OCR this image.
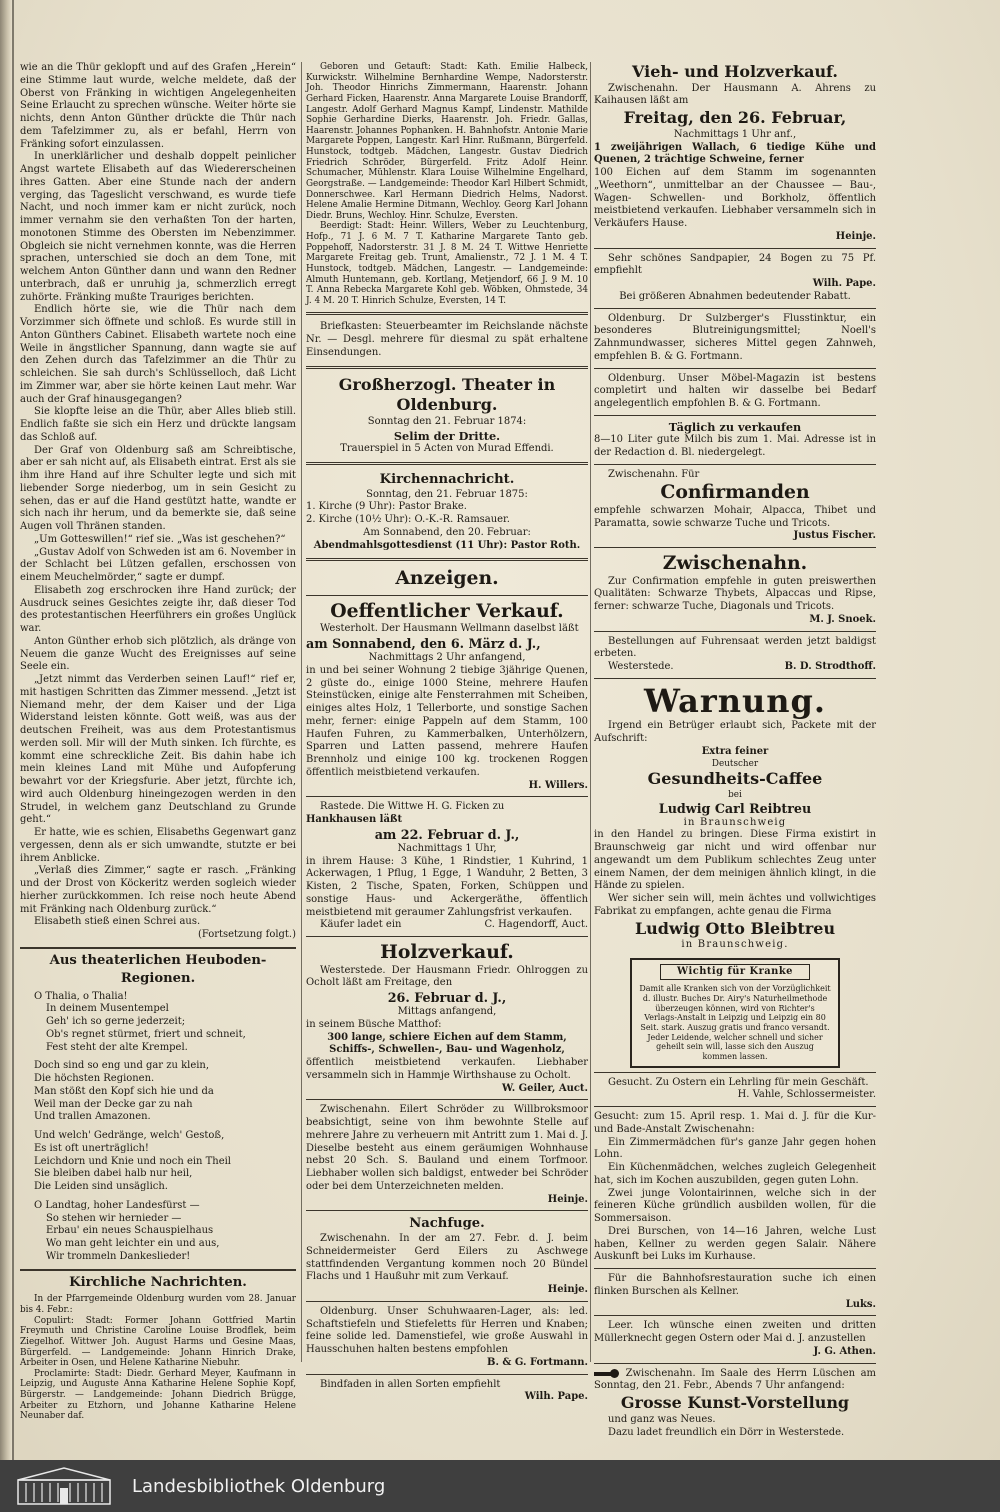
wie an die Thür geklopft und auf des Grafen „Herein“ eine Stimme laut wurde, welche meldete, daß der Oberst von Fränking in wichtigen Angelegenheiten Seine Erlaucht zu sprechen wünsche. Weiter hörte sie nichts, denn Anton Günther drückte die Thür nach dem Tafelzimmer zu, als er befahl, Herrn von Fränking sofort einzulassen.

In unerklärlicher und deshalb doppelt peinlicher Angst wartete Elisabeth auf das Wiedererscheinen ihres Gatten. Aber eine Stunde nach der andern verging, das Tageslicht verschwand, es wurde tiefe Nacht, und noch immer kam er nicht zurück, noch immer vernahm sie den verhaßten Ton der harten, monotonen Stimme des Obersten im Nebenzimmer. Obgleich sie nicht vernehmen konnte, was die Herren sprachen, unterschied sie doch an dem Tone, mit welchem Anton Günther dann und wann den Redner unterbrach, daß er unruhig ja, schmerzlich erregt zuhörte. Fränking mußte Trauriges berichten.

Endlich hörte sie, wie die Thür nach dem Vorzimmer sich öffnete und schloß. Es wurde still in Anton Günthers Cabinet. Elisabeth wartete noch eine Weile in ängstlicher Spannung, dann wagte sie auf den Zehen durch das Tafelzimmer an die Thür zu schleichen. Sie sah durch's Schlüsselloch, daß Licht im Zimmer war, aber sie hörte keinen Laut mehr. War auch der Graf hinausgegangen?

Sie klopfte leise an die Thür, aber Alles blieb still. Endlich faßte sie sich ein Herz und drückte langsam das Schloß auf.

Der Graf von Oldenburg saß am Schreibtische, aber er sah nicht auf, als Elisabeth eintrat. Erst als sie ihm ihre Hand auf ihre Schulter legte und sich mit liebender Sorge niederbog, um in sein Gesicht zu sehen, das er auf die Hand gestützt hatte, wandte er sich nach ihr herum, und da bemerkte sie, daß seine Augen voll Thränen standen.

„Um Gotteswillen!“ rief sie. „Was ist geschehen?“

„Gustav Adolf von Schweden ist am 6. November in der Schlacht bei Lützen gefallen, erschossen von einem Meuchelmörder,“ sagte er dumpf.

Elisabeth zog erschrocken ihre Hand zurück; der Ausdruck seines Gesichtes zeigte ihr, daß dieser Tod des protestantischen Heerführers ein großes Unglück war.

Anton Günther erhob sich plötzlich, als dränge von Neuem die ganze Wucht des Ereignisses auf seine Seele ein.

„Jetzt nimmt das Verderben seinen Lauf!“ rief er, mit hastigen Schritten das Zimmer messend. „Jetzt ist Niemand mehr, der dem Kaiser und der Liga Widerstand leisten könnte. Gott weiß, was aus der deutschen Freiheit, was aus dem Protestantismus werden soll. Mir will der Muth sinken. Ich fürchte, es kommt eine schreckliche Zeit. Bis dahin habe ich mein kleines Land mit Mühe und Aufopferung bewahrt vor der Kriegsfurie. Aber jetzt, fürchte ich, wird auch Oldenburg hineingezogen werden in den Strudel, in welchem ganz Deutschland zu Grunde geht.“

Er hatte, wie es schien, Elisabeths Gegenwart ganz vergessen, denn als er sich umwandte, stutzte er bei ihrem Anblicke.

„Verlaß dies Zimmer,“ sagte er rasch. „Fränking und der Drost von Köckeritz werden sogleich wieder hierher zurückkommen. Ich reise noch heute Abend mit Fränking nach Oldenburg zurück.“

Elisabeth stieß einen Schrei aus.

(Fortsetzung folgt.)

Aus theaterlichen Heuboden-Regionen.

O Thalia, o Thalia!

In deinem Musentempel

Geh' ich so gerne jederzeit;

Ob's regnet stürmet, friert und schneit,

Fest steht der alte Krempel.

Doch sind so eng und gar zu klein,

Die höchsten Regionen.

Man stößt den Kopf sich hie und da

Weil man der Decke gar zu nah

Und trallen Amazonen.

Und welch' Gedränge, welch' Gestoß,

Es ist oft unerträglich!

Leichdorn und Knie und noch ein Theil

Sie bleiben dabei halb nur heil,

Die Leiden sind unsäglich.

O Landtag, hoher Landesfürst —

So stehen wir hernieder —

Erbau' ein neues Schauspielhaus

Wo man geht leichter ein und aus,

Wir trommeln Dankeslieder!

Kirchliche Nachrichten.

In der Pfarrgemeinde Oldenburg wurden vom 28. Januar bis 4. Febr.:

Copulirt: Stadt: Former Johann Gottfried Martin Freymuth und Christine Caroline Louise Brodflek, beim Ziegelhof. Wittwer Joh. August Harms und Gesine Maas, Bürgerfeld. — Landgemeinde: Johann Hinrich Drake, Arbeiter in Osen, und Helene Katharine Niebuhr.

Proclamirte: Stadt: Diedr. Gerhard Meyer, Kaufmann in Leipzig, und Auguste Anna Katharine Helene Sophie Kopf, Bürgerstr. — Landgemeinde: Johann Diedrich Brügge, Arbeiter zu Etzhorn, und Johanne Katharine Helene Neunaber daf.

Geboren und Getauft: Stadt: Kath. Emilie Halbeck, Kurwickstr. Wilhelmine Bernhardine Wempe, Nadorsterstr. Joh. Theodor Hinrichs Zimmermann, Haarenstr. Johann Gerhard Ficken, Haarenstr. Anna Margarete Louise Brandorff, Langestr. Adolf Gerhard Magnus Kampf, Lindenstr. Mathilde Sophie Gerhardine Dierks, Haarenstr. Joh. Friedr. Gallas, Haarenstr. Johannes Pophanken. H. Bahnhofstr. Antonie Marie Margarete Poppen, Langestr. Karl Hinr. Rußmann, Bürgerfeld. Hunstock, todtgeb. Mädchen, Langestr. Gustav Diedrich Friedrich Schröder, Bürgerfeld. Fritz Adolf Heinr. Schumacher, Mühlenstr. Klara Louise Wilhelmine Engelhard, Georgstraße. — Landgemeinde: Theodor Karl Hilbert Schmidt, Donnerschwee. Karl Hermann Diedrich Helms, Nadorst. Helene Amalie Hermine Ditmann, Wechloy. Georg Karl Johann Diedr. Bruns, Wechloy. Hinr. Schulze, Eversten.

Beerdigt: Stadt: Heinr. Willers, Weber zu Leuchtenburg, Hofp., 71 J. 6 M. 7 T. Katharine Margarete Tanto geb. Poppehoff, Nadorsterstr. 31 J. 8 M. 24 T. Wittwe Henriette Margarete Freitag geb. Trunt, Amalienstr., 72 J. 1 M. 4 T. Hunstock, todtgeb. Mädchen, Langestr. — Landgemeinde: Almuth Huntemann, geb. Kortlang, Metjendorf, 66 J. 9 M. 10 T. Anna Rebecka Margarete Kohl geb. Wöbken, Ohmstede, 34 J. 4 M. 20 T. Hinrich Schulze, Eversten, 14 T.

Briefkasten: Steuerbeamter im Reichslande nächste Nr. — Desgl. mehrere für diesmal zu spät erhaltene Einsendungen.

Großherzogl. Theater in Oldenburg.

Sonntag den 21. Februar 1874:

Selim der Dritte.

Trauerspiel in 5 Acten von Murad Effendi.

Kirchennachricht.

Sonntag, den 21. Februar 1875:

1. Kirche (9 Uhr): Pastor Brake.

2. Kirche (10½ Uhr): O.-K.-R. Ramsauer.

Am Sonnabend, den 20. Februar:

Abendmahlsgottesdienst (11 Uhr): Pastor Roth.

Anzeigen.
Oeffentlicher Verkauf.

Westerholt. Der Hausmann Wellmann daselbst läßt

am Sonnabend, den 6. März d. J.,

Nachmittags 2 Uhr anfangend,

in und bei seiner Wohnung 2 tiebige 3jährige Quenen, 2 güste do., einige 1000 Steine, mehrere Haufen Steinstücken, einige alte Fensterrahmen mit Scheiben, einiges altes Holz, 1 Tellerborte, und sonstige Sachen mehr, ferner: einige Pappeln auf dem Stamm, 100 Haufen Fuhren, zu Kammerbalken, Unterhölzern, Sparren und Latten passend, mehrere Haufen Brennholz und einige 100 kg. trockenen Roggen öffentlich meistbietend verkaufen.

H. Willers.

Rastede. Die Wittwe H. G. Ficken zu

Hankhausen läßt

am 22. Februar d. J.,

Nachmittags 1 Uhr,

in ihrem Hause: 3 Kühe, 1 Rindstier, 1 Kuhrind, 1 Ackerwagen, 1 Pflug, 1 Egge, 1 Wanduhr, 2 Betten, 3 Kisten, 2 Tische, Spaten, Forken, Schüppen und sonstige Haus- und Ackergeräthe, öffentlich meistbietend mit geraumer Zahlungsfrist verkaufen.

Käufer ladet ein	C. Hagendorff, Auct.
Holzverkauf.

Westerstede. Der Hausmann Friedr. Ohlroggen zu Ocholt läßt am Freitage, den

26. Februar d. J.,

Mittags anfangend,

in seinem Büsche Matthof:

300 lange, schiere Eichen auf dem Stamm, Schiffs-, Schwellen-, Bau- und Wagenholz,

öffentlich meistbietend verkaufen. Liebhaber versammeln sich in Hammje Wirthshause zu Ocholt.

W. Geiler, Auct.

Zwischenahn. Eilert Schröder zu Willbroksmoor beabsichtigt, seine von ihm bewohnte Stelle auf mehrere Jahre zu verheuern mit Antritt zum 1. Mai d. J. Dieselbe besteht aus einem geräumigen Wohnhause nebst 20 Sch. S. Bauland und einem Torfmoor. Liebhaber wollen sich baldigst, entweder bei Schröder oder bei dem Unterzeichneten melden.

Heinje.

Nachfuge.

Zwischenahn. In der am 27. Febr. d. J. beim Schneidermeister Gerd Eilers zu Aschwege stattfindenden Vergantung kommen noch 20 Bündel Flachs und 1 Haußuhr mit zum Verkauf.

Heinje.

Oldenburg. Unser Schuhwaaren-Lager, als: led. Schaftstiefeln und Stiefeletts für Herren und Knaben; feine solide led. Damenstiefel, wie große Auswahl in Hausschuhen halten bestens empfohlen

B. & G. Fortmann.

Bindfaden in allen Sorten empfiehlt

Wilh. Pape.

Vieh- und Holzverkauf.

Zwischenahn. Der Hausmann A. Ahrens zu Kaihausen läßt am

Freitag, den 26. Februar,

Nachmittags 1 Uhr anf.,

1 zweijährigen Wallach, 6 tiedige Kühe und Quenen, 2 trächtige Schweine, ferner

100 Eichen auf dem Stamm im sogenannten „Weethorn“, unmittelbar an der Chaussee — Bau-, Wagen- Schwellen- und Borkholz, öffentlich meistbietend verkaufen. Liebhaber versammeln sich in Verkäufers Hause.

Heinje.

Sehr schönes Sandpapier, 24 Bogen zu 75 Pf. empfiehlt

Wilh. Pape.

Bei größeren Abnahmen bedeutender Rabatt.

Oldenburg. Dr Sulzberger's Flusstinktur, ein besonderes Blutreinigungsmittel; Noell's Zahnmundwasser, sicheres Mittel gegen Zahnweh, empfehlen B. & G. Fortmann.

Oldenburg. Unser Möbel-Magazin ist bestens completirt und halten wir dasselbe bei Bedarf angelegentlich empfohlen B. & G. Fortmann.

Täglich zu verkaufen

8—10 Liter gute Milch bis zum 1. Mai. Adresse ist in der Redaction d. Bl. niedergelegt.

Zwischenahn. Für

Confirmanden

empfehle schwarzen Mohair, Alpacca, Thibet und Paramatta, sowie schwarze Tuche und Tricots.

Justus Fischer.

Zwischenahn.

Zur Confirmation empfehle in guten preiswerthen Qualitäten: Schwarze Thybets, Alpaccas und Ripse, ferner: schwarze Tuche, Diagonals und Tricots.

M. J. Snoek.

Bestellungen auf Fuhrensaat werden jetzt baldigst erbeten.

Westerstede.	B. D. Strodthoff.
Warnung.

Irgend ein Betrüger erlaubt sich, Packete mit der Aufschrift:

Extra feiner

Deutscher

Gesundheits-Caffee

bei

Ludwig Carl Reibtreu

in Braunschweig

in den Handel zu bringen. Diese Firma existirt in Braunschweig gar nicht und wird offenbar nur angewandt um dem Publikum schlechtes Zeug unter einem Namen, der dem meinigen ähnlich klingt, in die Hände zu spielen.

Wer sicher sein will, mein ächtes und vollwichtiges Fabrikat zu empfangen, achte genau die Firma

Ludwig Otto Bleibtreu

in Braunschweig.

Wichtig für Kranke

Damit alle Kranken sich von der Vorzüglichkeit d. illustr. Buches Dr. Airy's Naturheilmethode überzeugen können, wird von Richter's Verlags-Anstalt in Leipzig und Leipzig ein 80 Seit. stark. Auszug gratis und franco versandt. Jeder Leidende, welcher schnell und sicher geheilt sein will, lasse sich den Auszug kommen lassen.

Gesucht. Zu Ostern ein Lehrling für mein Geschäft.

H. Vahle, Schlossermeister.

Gesucht: zum 15. April resp. 1. Mai d. J. für die Kur- und Bade-Anstalt Zwischenahn:

Ein Zimmermädchen für's ganze Jahr gegen hohen Lohn.

Ein Küchenmädchen, welches zugleich Gelegenheit hat, sich im Kochen auszubilden, gegen guten Lohn.

Zwei junge Volontairinnen, welche sich in der feineren Küche gründlich ausbilden wollen, für die Sommersaison.

Drei Burschen, von 14—16 Jahren, welche Lust haben, Kellner zu werden gegen Salair. Nähere Auskunft bei Luks im Kurhause.

Für die Bahnhofsrestauration suche ich einen flinken Burschen als Kellner.

Luks.

Leer. Ich wünsche einen zweiten und dritten Müllerknecht gegen Ostern oder Mai d. J. anzustellen

J. G. Athen.

Zwischenahn. Im Saale des Herrn Lüschen am Sonntag, den 21. Febr., Abends 7 Uhr anfangend:

Grosse Kunst-Vorstellung

und ganz was Neues.

Dazu ladet freundlich ein Dörr in Westerstede.

Landesbibliothek Oldenburg
